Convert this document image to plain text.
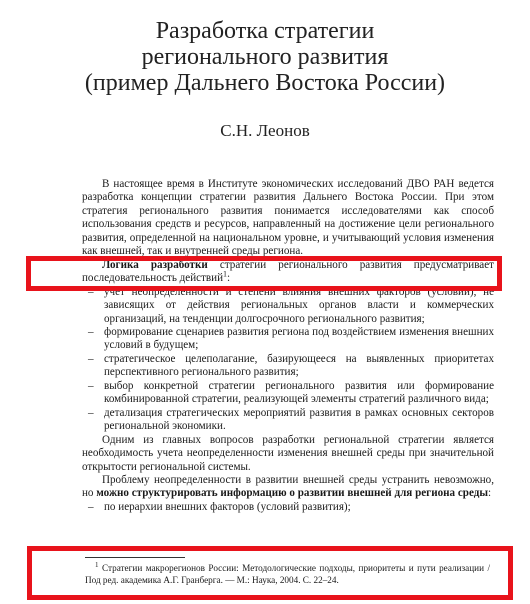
Разработка стратегии
регионального развития
(пример Дальнего Востока России)
С.Н. Леонов

В настоящее время в Институте экономических исследований ДВО РАН ведется разработка концепции стратегии развития Дальнего Востока России. При этом стратегия регионального развития понимается исследователями как способ использования средств и ресурсов, направленный на достижение цели регионального развития, определенной на национальном уровне, и учитывающий условия изменения как внешней, так и внутренней среды региона.

Логика разработки стратегии регионального развития предусматривает последовательность действий$^1$:

– учет неопределенности и степени влияния внешних факторов (условий), не зависящих от действия региональных органов власти и коммерческих организаций, на тенденции долгосрочного регионального развития;
– формирование сценариев развития региона под воздействием изменения внешних условий в будущем;
– стратегическое целеполагание, базирующееся на выявленных приоритетах перспективного регионального развития;
– выбор конкретной стратегии регионального развития или формирование комбинированной стратегии, реализующей элементы стратегий различного вида;
– детализация стратегических мероприятий развития в рамках основных секторов региональной экономики.

Одним из главных вопросов разработки региональной стратегии является необходимость учета неопределенности изменения внешней среды при значительной открытости региональной системы.

Проблему неопределенности в развитии внешней среды устранить невозможно, но можно структурировать информацию о развитии внешней для региона среды:

– по иерархии внешних факторов (условий развития);
$^1$ Стратегии макрорегионов России: Методологические подходы, приоритеты и пути реализации / Под ред. академика А.Г. Гранберга. — М.: Наука, 2004. С. 22–24.
